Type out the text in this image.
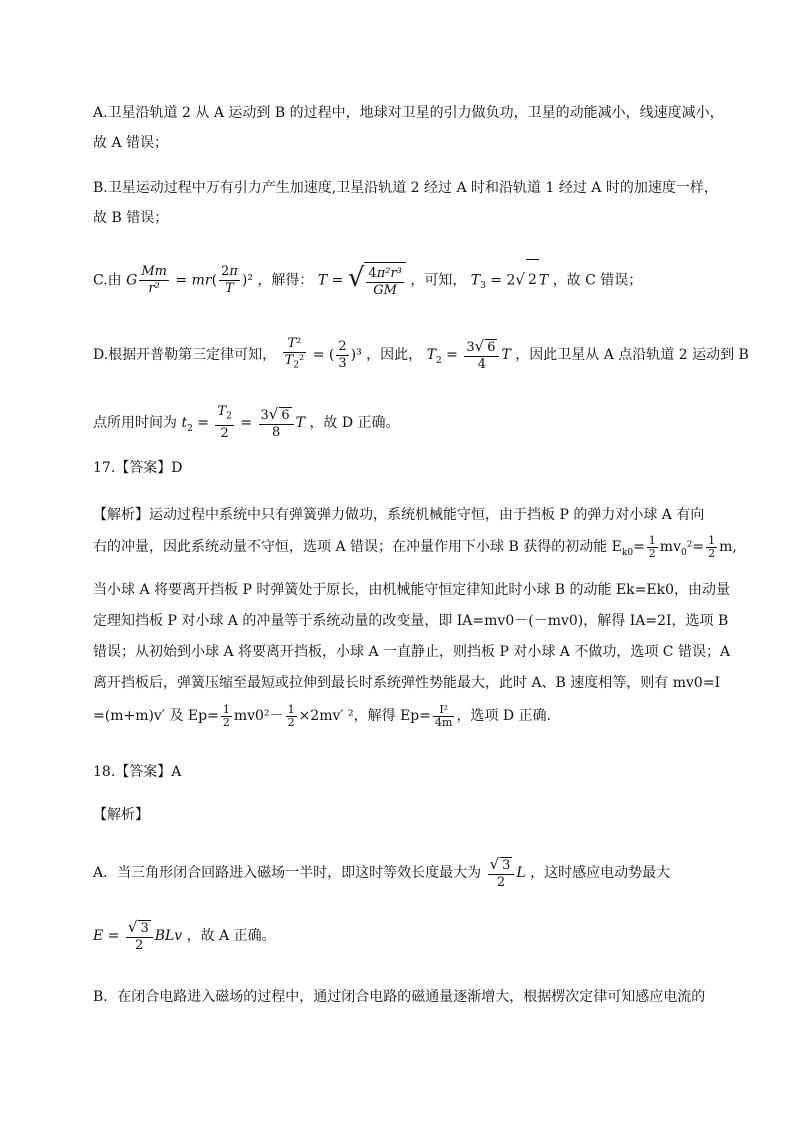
A.卫星沿轨道 2 从 A 运动到 B 的过程中，地球对卫星的引力做负功，卫星的动能减小，线速度减小，
故 A 错误；
B.卫星运动过程中万有引力产生加速度,卫星沿轨道 2 经过 A 时和沿轨道 1 经过 A 时的加速度一样，
故 B 错误；
C.由 G $\frac{Mm}{\text{r²}} = mr( \frac{2\pi}{T} )^2$ ，解得： T = √ $\frac{\text{4π²r³}}{GM}$ ，可知， $T_3 = 2√$ 2 T ，故 C 错误；
D.根据开普勒第三定律可知， $\frac{\text{T²}}{T_2^2}$ = ( $\frac{2}{3} )^3$ ，因此， $T_2 = \frac{3√ 6}{4}$ T ，因此卫星从 A 点沿轨道 2 运动到 B
点所用时间为 $t_2 = \frac{T_2}{2} = \frac{3√ 6}{8}$ T ，故 D 正确。
17.【答案】D
【解析】运动过程中系统中只有弹簧弹力做功，系统机械能守恒，由于挡板 P 的弹力对小球 A 有向
右的冲量，因此系统动量不守恒，选项 A 错误；在冲量作用下小球 B 获得的初动能 $E_{k0}= \frac{1}{2} mv_0^2= \frac{1}{2} m$,
当小球 A 将要离开挡板 P 时弹簧处于原长，由机械能守恒定律知此时小球 B 的动能 Ek=Ek0，由动量
定理知挡板 P 对小球 A 的冲量等于系统动量的改变量，即 IA=mv0－(－mv0)，解得 IA=2I，选项 B
错误；从初始到小球 A 将要离开挡板，小球 A 一直静止，则挡板 P 对小球 A 不做功，选项 C 错误；A
离开挡板后，弹簧压缩至最短或拉伸到最长时系统弹性势能最大，此时 A、B 速度相等，则有 mv0=I
=(m+m)v′ 及 $Ep= \frac{1}{2} mv0^2- \frac{1}{2} \times 2mv'$ ²，解得 $Ep= \frac{\text{I²}}{4m}$ ，选项 D 正确.
18.【答案】A
【解析】
A．当三角形闭合回路进入磁场一半时，即这时等效长度最大为 $\frac{√ 3}{2}$ L ，这时感应电动势最大
$E = \frac{√ 3}{2}$ BLv ，故 A 正确。
B．在闭合电路进入磁场的过程中，通过闭合电路的磁通量逐渐增大，根据楞次定律可知感应电流的
